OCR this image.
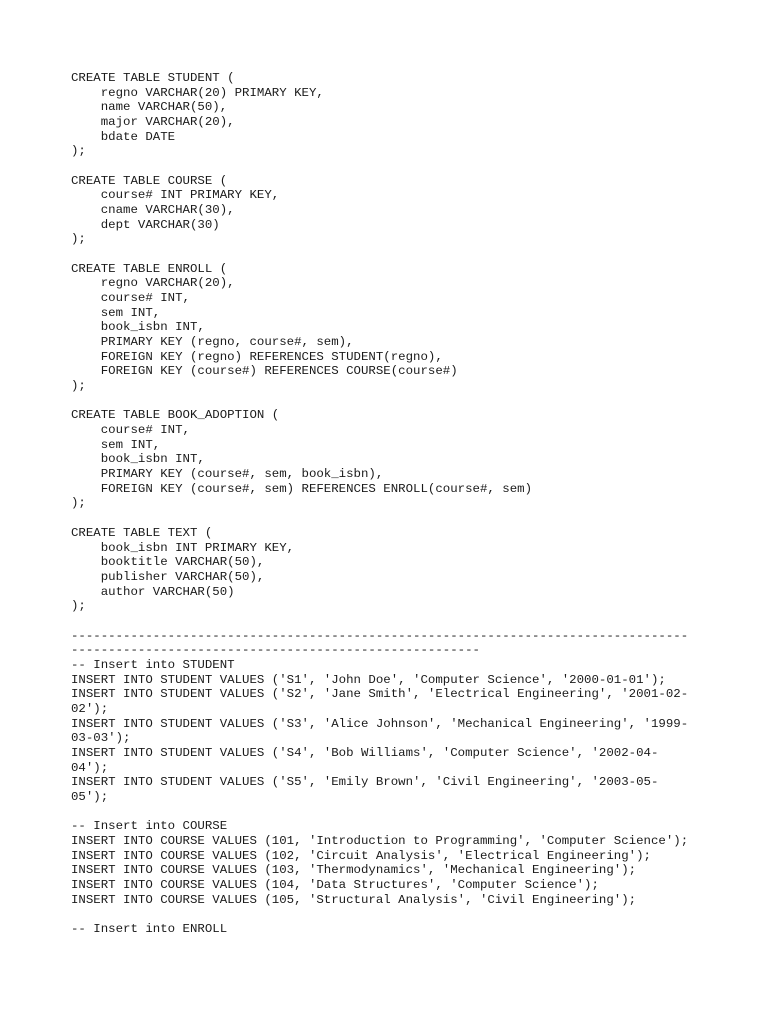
CREATE TABLE STUDENT (
regno VARCHAR(20) PRIMARY KEY,
name VARCHAR(50),
major VARCHAR(20),
bdate DATE
);
CREATE TABLE COURSE (
course# INT PRIMARY KEY,
cname VARCHAR(30),
dept VARCHAR(30)
);
CREATE TABLE ENROLL (
regno VARCHAR(20),
course# INT,
sem INT,
book_isbn INT,
PRIMARY KEY (regno, course#, sem),
FOREIGN KEY (regno) REFERENCES STUDENT(regno),
FOREIGN KEY (course#) REFERENCES COURSE(course#)
);
CREATE TABLE BOOK_ADOPTION (
course# INT,
sem INT,
book_isbn INT,
PRIMARY KEY (course#, sem, book_isbn),
FOREIGN KEY (course#, sem) REFERENCES ENROLL(course#, sem)
);
CREATE TABLE TEXT (
book_isbn INT PRIMARY KEY,
booktitle VARCHAR(50),
publisher VARCHAR(50),
author VARCHAR(50)
);
-----------------------------------------------------------------------------------
-------------------------------------------------------
-- Insert into STUDENT
INSERT INTO STUDENT VALUES ('S1', 'John Doe', 'Computer Science', '2000-01-01');
INSERT INTO STUDENT VALUES ('S2', 'Jane Smith', 'Electrical Engineering', '2001-02-
02');
INSERT INTO STUDENT VALUES ('S3', 'Alice Johnson', 'Mechanical Engineering', '1999-
03-03');
INSERT INTO STUDENT VALUES ('S4', 'Bob Williams', 'Computer Science', '2002-04-
04');
INSERT INTO STUDENT VALUES ('S5', 'Emily Brown', 'Civil Engineering', '2003-05-
05');
-- Insert into COURSE
INSERT INTO COURSE VALUES (101, 'Introduction to Programming', 'Computer Science');
INSERT INTO COURSE VALUES (102, 'Circuit Analysis', 'Electrical Engineering');
INSERT INTO COURSE VALUES (103, 'Thermodynamics', 'Mechanical Engineering');
INSERT INTO COURSE VALUES (104, 'Data Structures', 'Computer Science');
INSERT INTO COURSE VALUES (105, 'Structural Analysis', 'Civil Engineering');
-- Insert into ENROLL
